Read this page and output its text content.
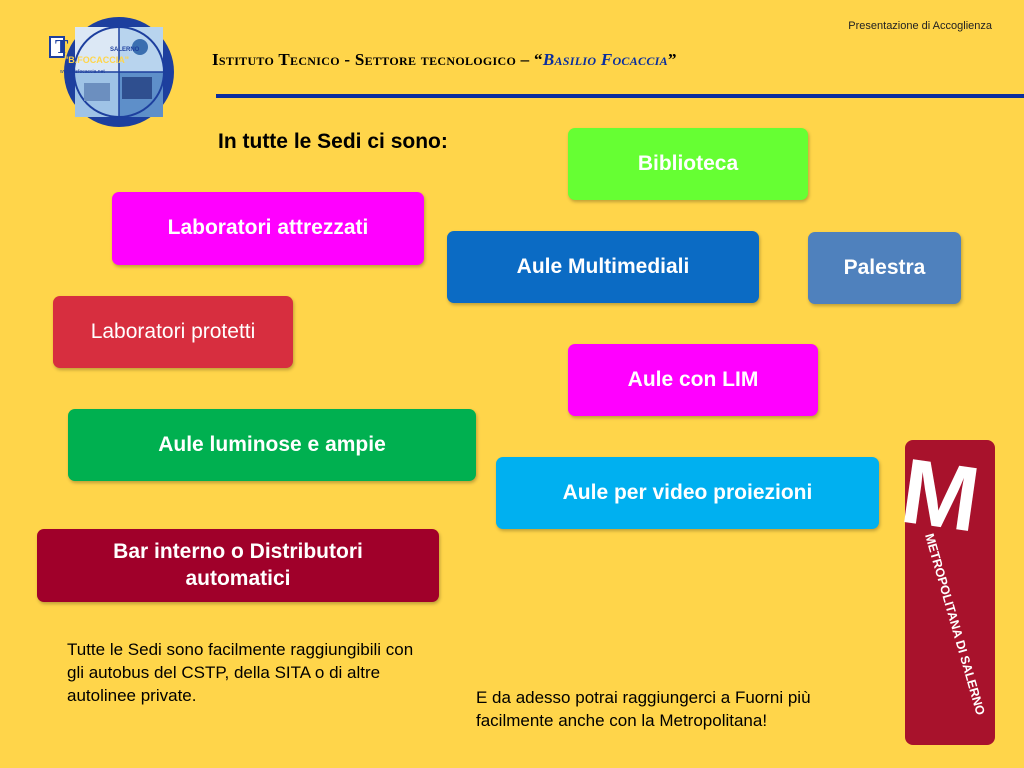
Presentazione di Accoglienza
T
"B.FOCACCIA"
SALERNO
www.itisfocaccia.net
Istituto Tecnico - Settore tecnologico – “Basilio Focaccia”
In tutte le Sedi ci sono:
Biblioteca
Laboratori attrezzati
Aule Multimediali	Palestra
Laboratori protetti
Aule con LIM
Aule luminose e ampie
Aule per video proiezioni
Bar interno o Distributori
automatici
Tutte le Sedi sono facilmente raggiungibili con
gli autobus del CSTP, della SITA o di altre
autolinee private.	E da adesso potrai raggiungerci a Fuorni più
facilmente anche con la Metropolitana!
M
METROPOLITANA DI SALERNO
